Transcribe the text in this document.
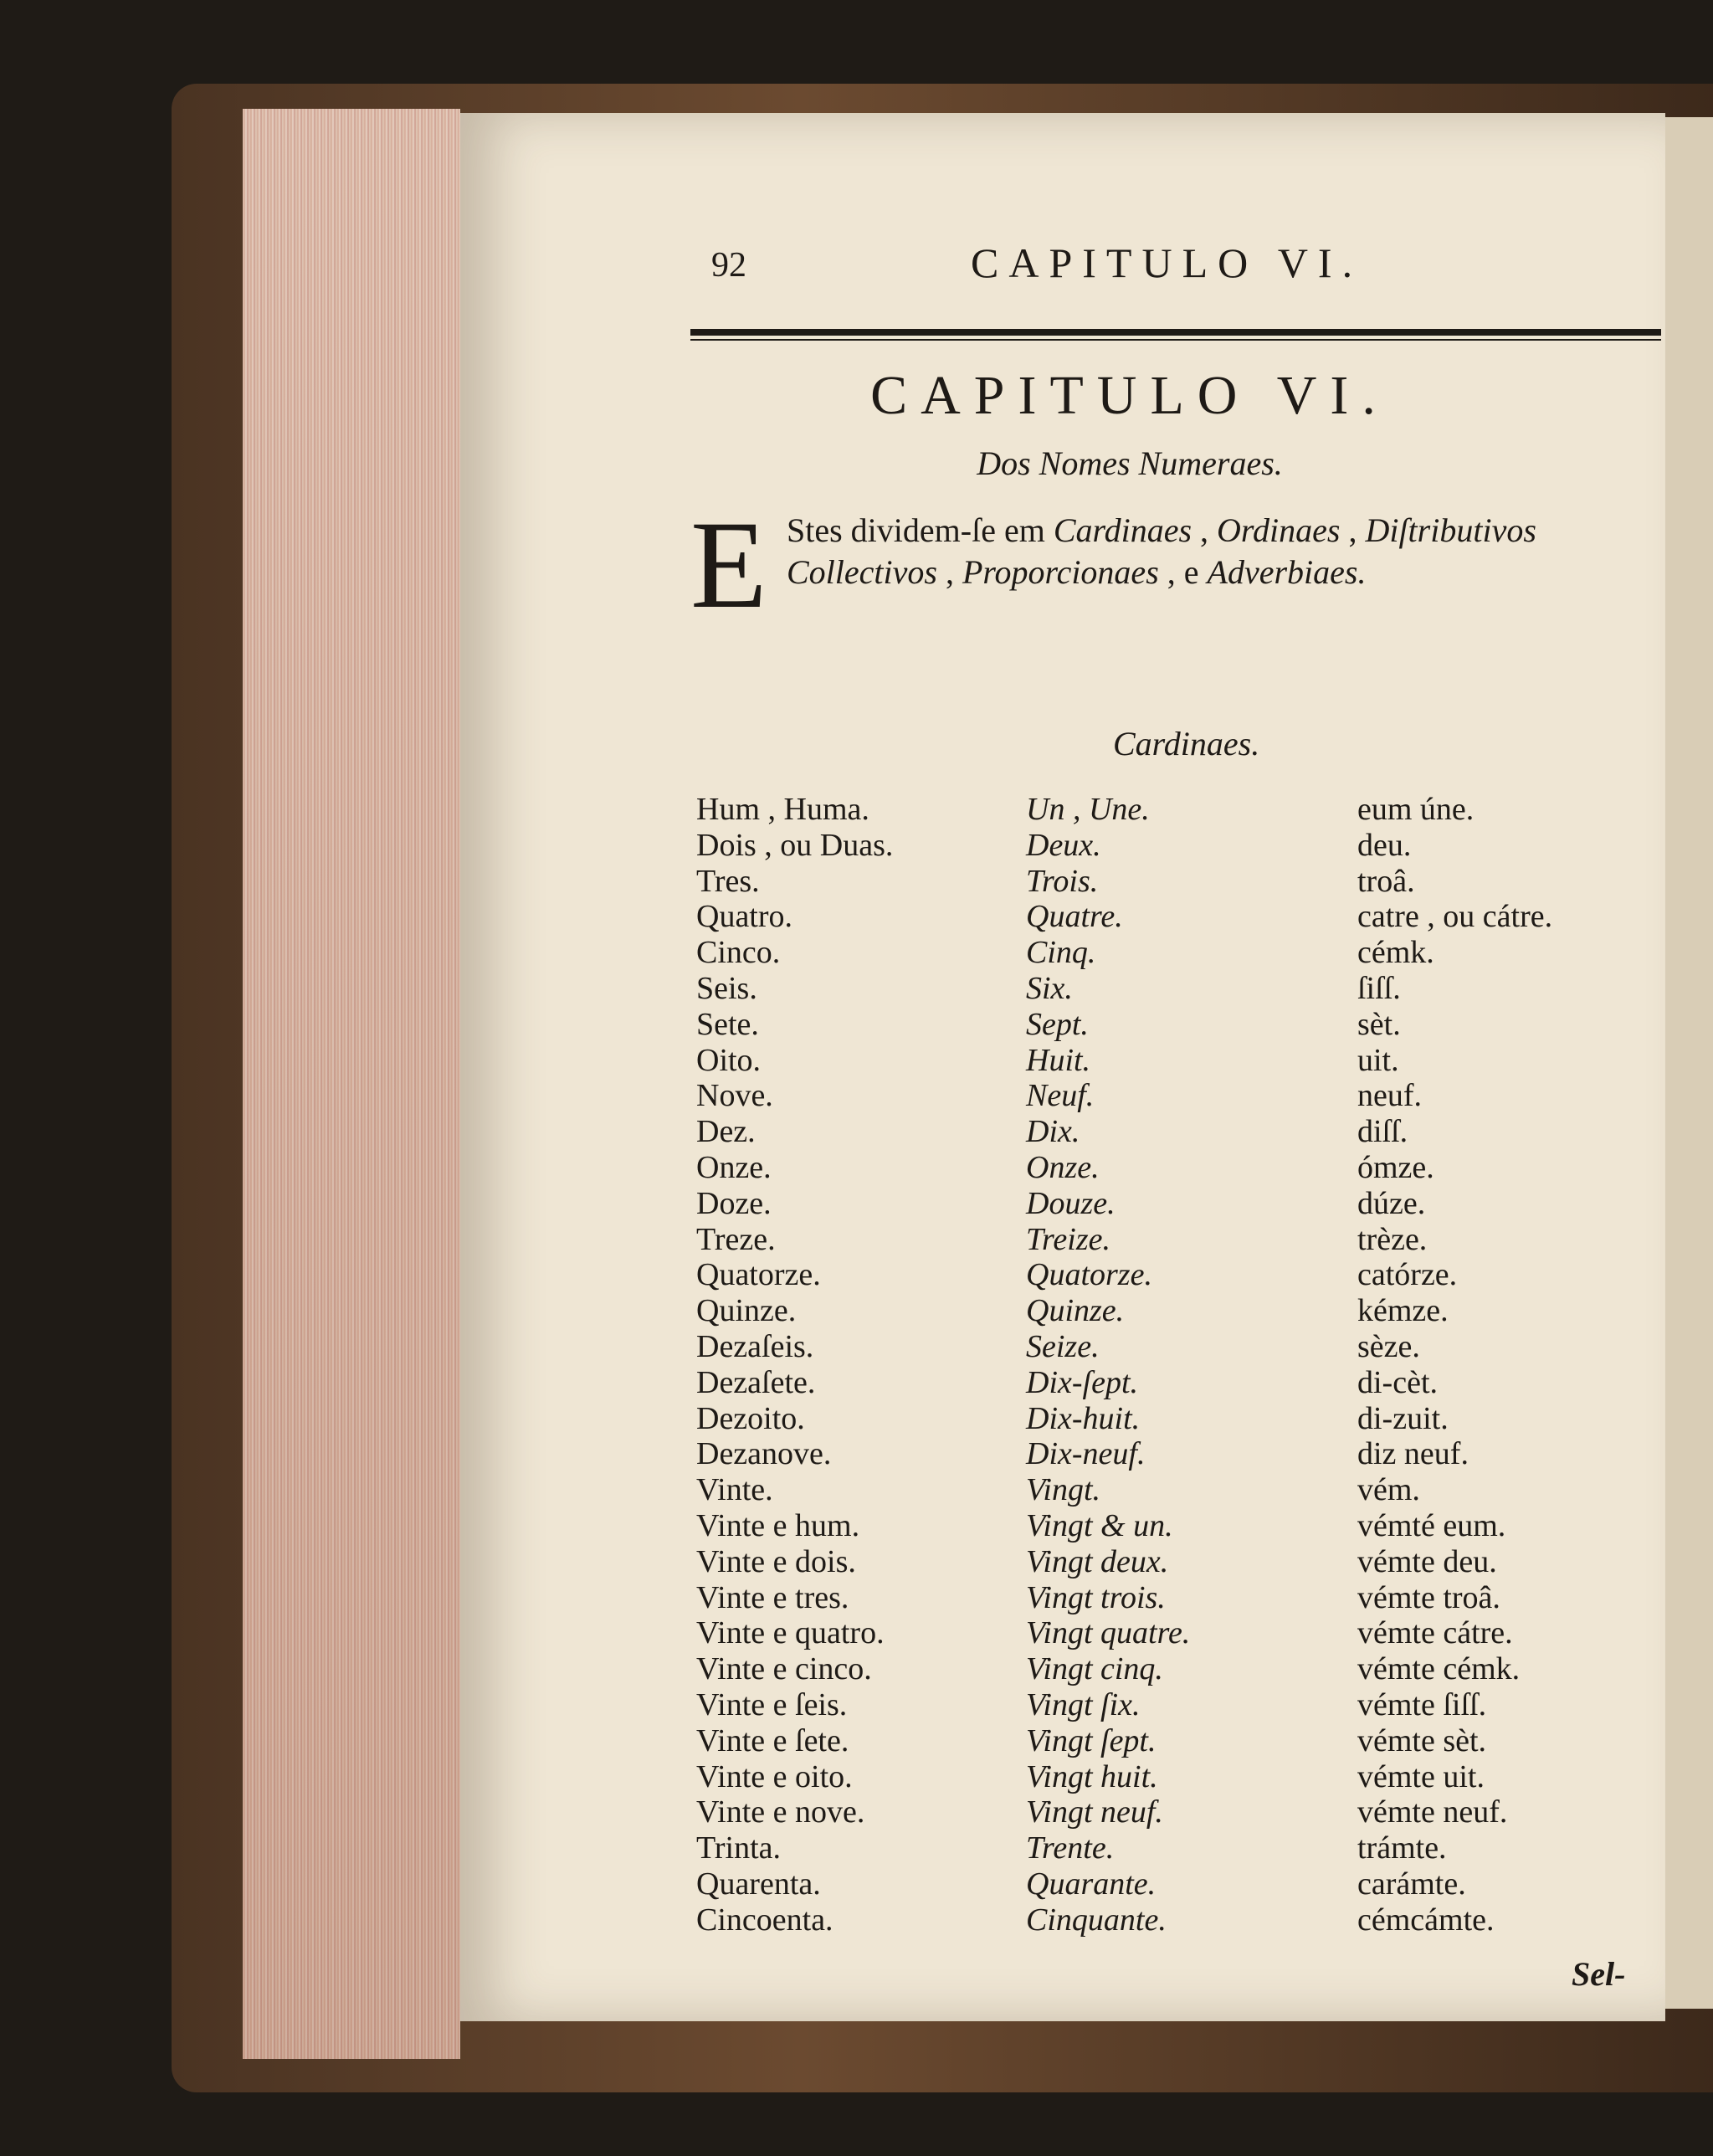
92	CAPITULO VI.
CAPITULO VI.
Dos Nomes Numeraes.
E Stes dividem-ſe em Cardinaes , Ordinaes , Diſtributivos
Collectivos , Proporcionaes , e Adverbiaes.
Cardinaes.
Hum , Huma.	Un , Une.	eum úne.
Dois , ou Duas.	Deux.	deu.
Tres.	Trois.	troâ.
Quatro.	Quatre.	catre , ou cátre.
Cinco.	Cinq.	cémk.
Seis.	Six.	ſiſſ.
Sete.	Sept.	sèt.
Oito.	Huit.	uit.
Nove.	Neuf.	neuf.
Dez.	Dix.	diſſ.
Onze.	Onze.	ómze.
Doze.	Douze.	dúze.
Treze.	Treize.	trèze.
Quatorze.	Quatorze.	catórze.
Quinze.	Quinze.	kémze.
Dezaſeis.	Seize.	sèze.
Dezaſete.	Dix-ſept.	di-cèt.
Dezoito.	Dix-huit.	di-zuit.
Dezanove.	Dix-neuf.	diz neuf.
Vinte.	Vingt.	vém.
Vinte e hum.	Vingt & un.	vémté eum.
Vinte e dois.	Vingt deux.	vémte deu.
Vinte e tres.	Vingt trois.	vémte troâ.
Vinte e quatro.	Vingt quatre.	vémte cátre.
Vinte e cinco.	Vingt cinq.	vémte cémk.
Vinte e ſeis.	Vingt ſix.	vémte ſiſſ.
Vinte e ſete.	Vingt ſept.	vémte sèt.
Vinte e oito.	Vingt huit.	vémte uit.
Vinte e nove.	Vingt neuf.	vémte neuf.
Trinta.	Trente.	trámte.
Quarenta.	Quarante.	carámte.
Cincoenta.	Cinquante.	cémcámte.
Sel-
